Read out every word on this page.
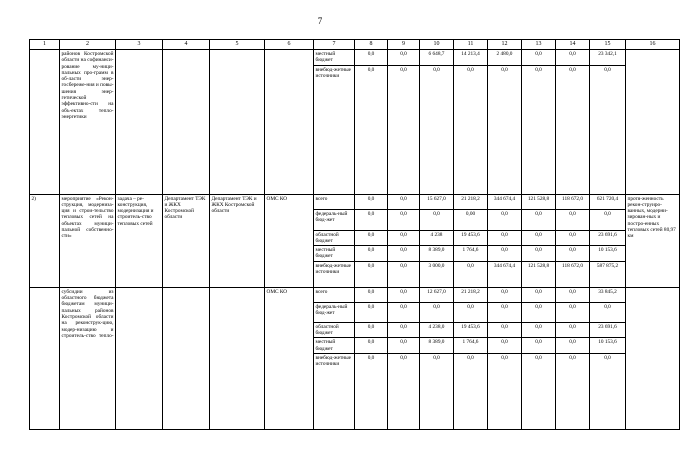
7
1	2	3	4	5	6	7	8	9	10	11	12	13	14	15	16
	районов Костромской области на софинанси-рование му-ници-пальных про-грамм в об-ласти энер-госбереже-ния и повы-шения энер-гетической эффективно-сти на объ-ектах тепло-энергетики					местный бюджет	0,0	0,0	6 648,7	14 213,4	2 480,0	0,0	0,0	23 342,1	
						внебюд-жетные источники	0,0	0,0	0,0	0,0	0,0	0,0	0,0	0,0	
2)	мероприятие «Рекон-струкция, модерниза-ция и строи-тельство тепловых сетей на объектах муници-пальной собственно-сти»	задача – ре-конструкция, модернизация и строитель-ство тепловых сетей	Департамент ТЭК и ЖКХ Костромской области	Департамент ТЭК и ЖКХ Костромской области	ОМС КО	всего	0,0	0,0	15 627,0	21 218,2	344 674,4	121 528,8	118 672,0	621 720,4	протя-женность рекон-струиро-ванных, модерни-зирован-ных и постро-енных тепловых сетей 80,97 км
						федераль-ный бюд-жет	0,0	0,0	0,0	0,00	0,0	0,0	0,0	0,0	
						областной бюджет	0,0	0,0	4 238	19 453,6	0,0	0,0	0,0	23 691,6	
						местный бюджет	0,0	0,0	8 389,0	1 764,6	0,0	0,0	0,0	10 153,6	
						внебюд-жетные источники	0,0	0,0	3 000,0	0,0	344 674,4	121 528,8	118 672,0	587 875,2	
	субсидии из областного бюджета бюджетам муници-пальных районов Костромской области на реконструк-цию, модер-низацию и строитель-ство тепло-				ОМС КО	всего	0,0	0,0	12 627,0	21 218,2	0,0	0,0	0,0	33 845,2	
						федераль-ный бюд-жет	0,0	0,0	0,0	0,0	0,0	0,0	0,0	0,0	
						областной бюджет	0,0	0,0	4 238,0	19 453,6	0,0	0,0	0,0	23 691,6	
						местный бюджет	0,0	0,0	8 389,0	1 764,6	0,0	0,0	0,0	10 153,6	
						внебюд-жетные источники	0,0	0,0	0,0	0,0	0,0	0,0	0,0	0,0	
